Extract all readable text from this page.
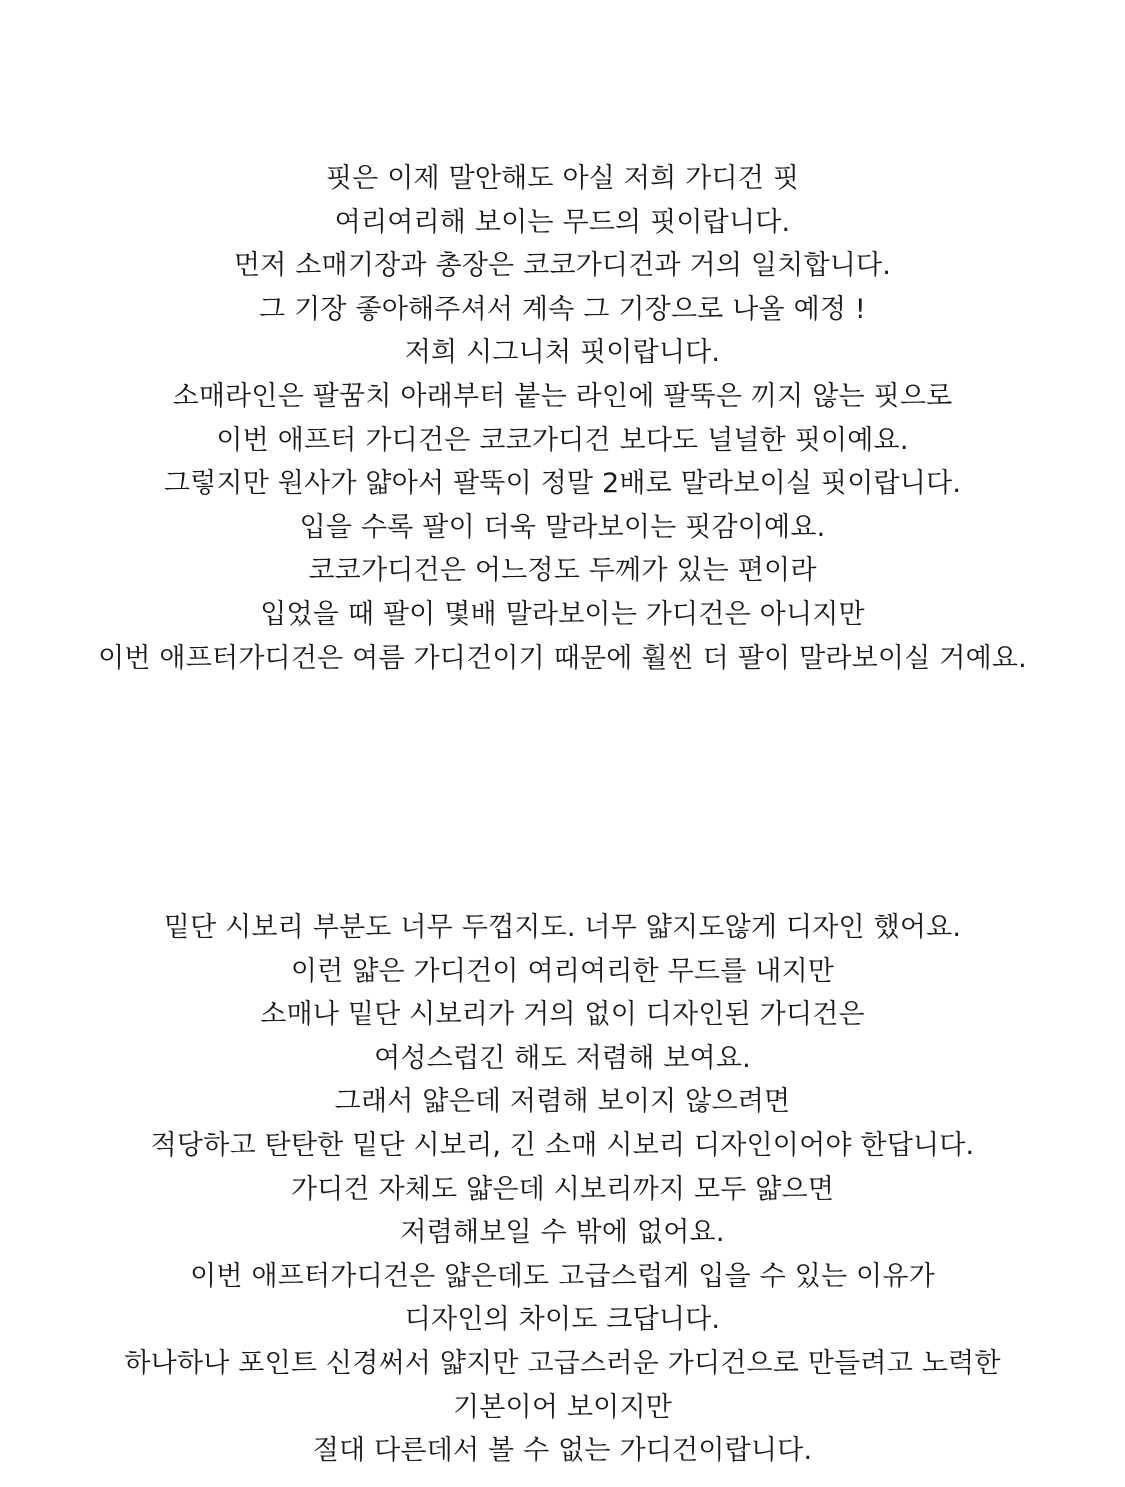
핏은 이제 말안해도 아실 저희 가디건 핏
여리여리해 보이는 무드의 핏이랍니다.
먼저 소매기장과 총장은 코코가디건과 거의 일치합니다.
그 기장 좋아해주셔서 계속 그 기장으로 나올 예정 !
저희 시그니처 핏이랍니다.
소매라인은 팔꿈치 아래부터 붙는 라인에 팔뚝은 끼지 않는 핏으로
이번 애프터 가디건은 코코가디건 보다도 널널한 핏이예요.
그렇지만 원사가 얇아서 팔뚝이 정말 2배로 말라보이실 핏이랍니다.
입을 수록 팔이 더욱 말라보이는 핏감이예요.
코코가디건은 어느정도 두께가 있는 편이라
입었을 때 팔이 몇배 말라보이는 가디건은 아니지만
이번 애프터가디건은 여름 가디건이기 때문에 훨씬 더 팔이 말라보이실 거예요.
밑단 시보리 부분도 너무 두껍지도. 너무 얇지도않게 디자인 했어요.
이런 얇은 가디건이 여리여리한 무드를 내지만
소매나 밑단 시보리가 거의 없이 디자인된 가디건은
여성스럽긴 해도 저렴해 보여요.
그래서 얇은데 저렴해 보이지 않으려면
적당하고 탄탄한 밑단 시보리, 긴 소매 시보리 디자인이어야 한답니다.
가디건 자체도 얇은데 시보리까지 모두 얇으면
저렴해보일 수 밖에 없어요.
이번 애프터가디건은 얇은데도 고급스럽게 입을 수 있는 이유가
디자인의 차이도 크답니다.
하나하나 포인트 신경써서 얇지만 고급스러운 가디건으로 만들려고 노력한
기본이어 보이지만
절대 다른데서 볼 수 없는 가디건이랍니다.
